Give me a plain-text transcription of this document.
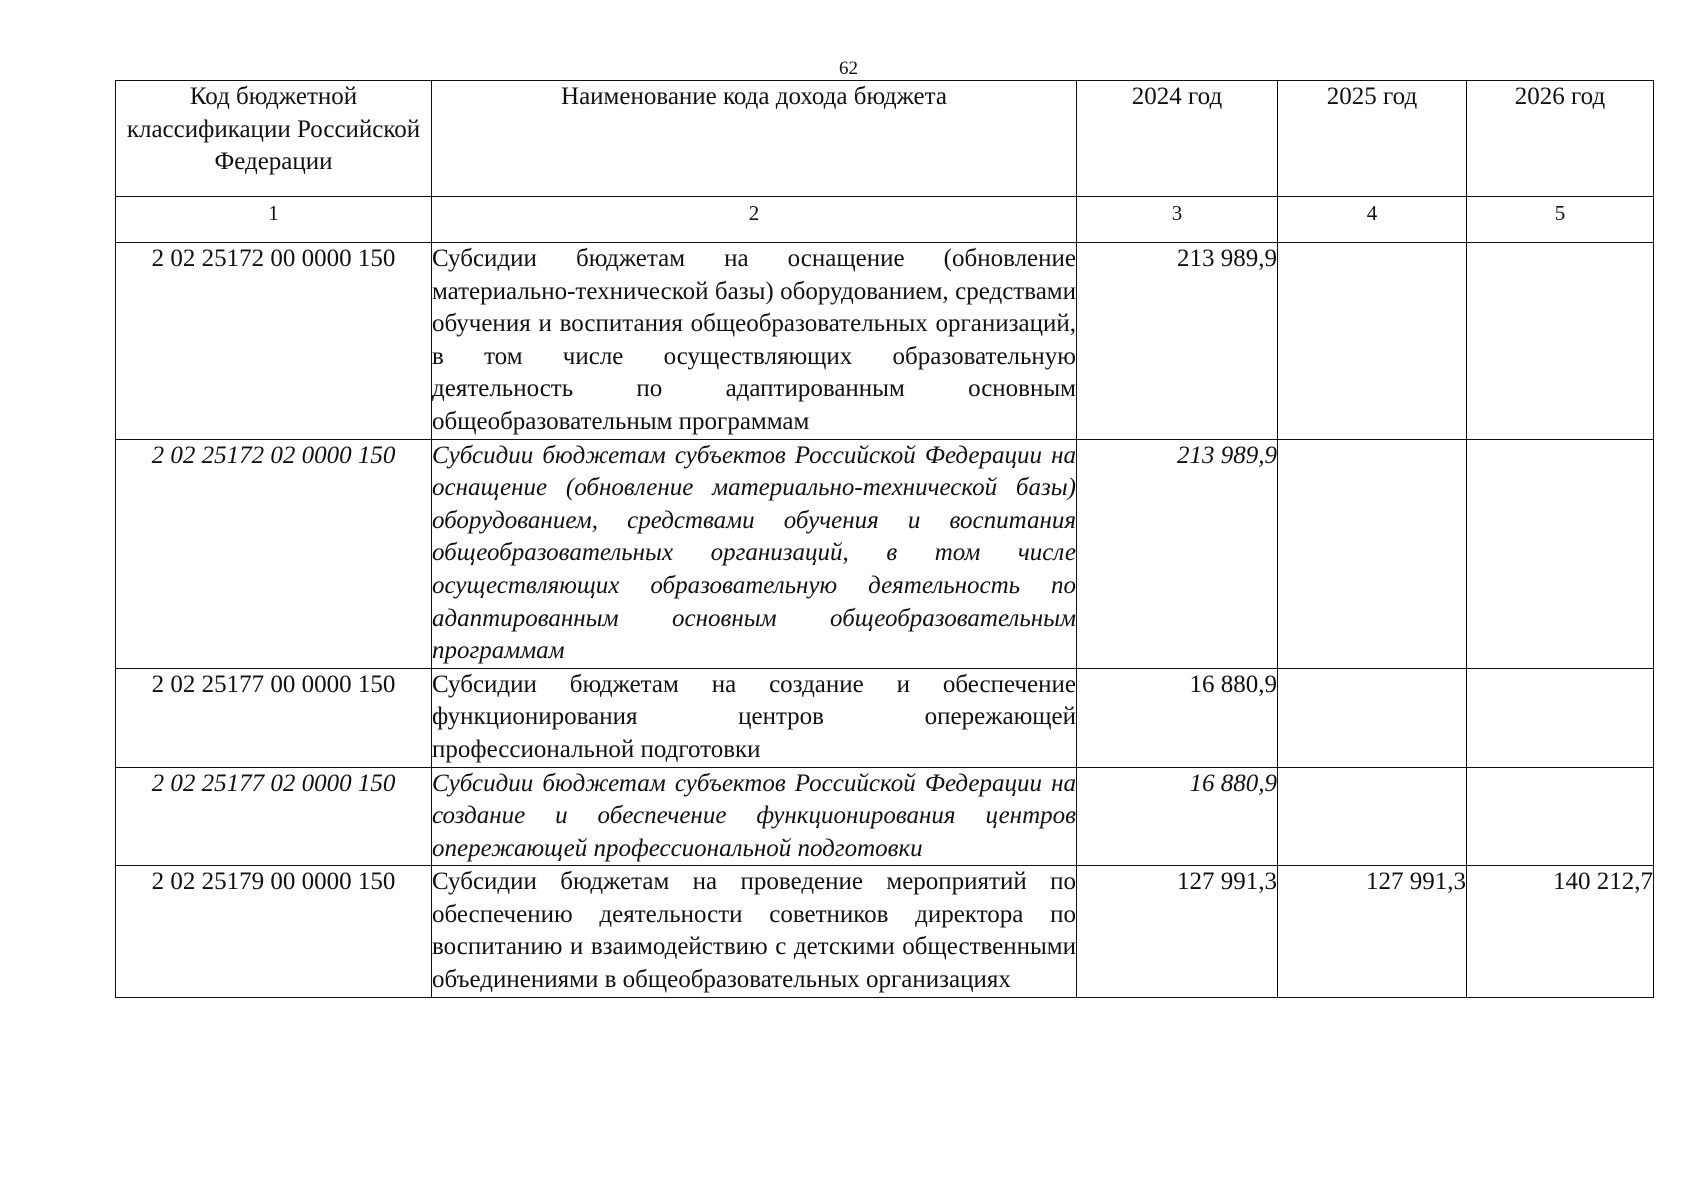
62
Код бюджетной классификации Российской Федерации	Наименование кода дохода бюджета	2024 год	2025 год	2026 год
1	2	3	4	5
2 02 25172 00 0000 150	Субсидии бюджетам на оснащение (обновление материально-технической базы) оборудованием, средствами обучения и воспитания общеобразовательных организаций, в том числе осуществляющих образовательную деятельность по адаптированным основным общеобразовательным программам	213 989,9		
2 02 25172 02 0000 150	Субсидии бюджетам субъектов Российской Федерации на оснащение (обновление материально-технической базы) оборудованием, средствами обучения и воспитания общеобразовательных организаций, в том числе осуществляющих образовательную деятельность по адаптированным основным общеобразовательным программам	213 989,9		
2 02 25177 00 0000 150	Субсидии бюджетам на создание и обеспечение функционирования центров опережающей профессиональной подготовки	16 880,9		
2 02 25177 02 0000 150	Субсидии бюджетам субъектов Российской Федерации на создание и обеспечение функционирования центров опережающей профессиональной подготовки	16 880,9		
2 02 25179 00 0000 150	Субсидии бюджетам на проведение мероприятий по обеспечению деятельности советников директора по воспитанию и взаимодействию с детскими общественными объединениями в общеобразовательных организациях	127 991,3	127 991,3	140 212,7
